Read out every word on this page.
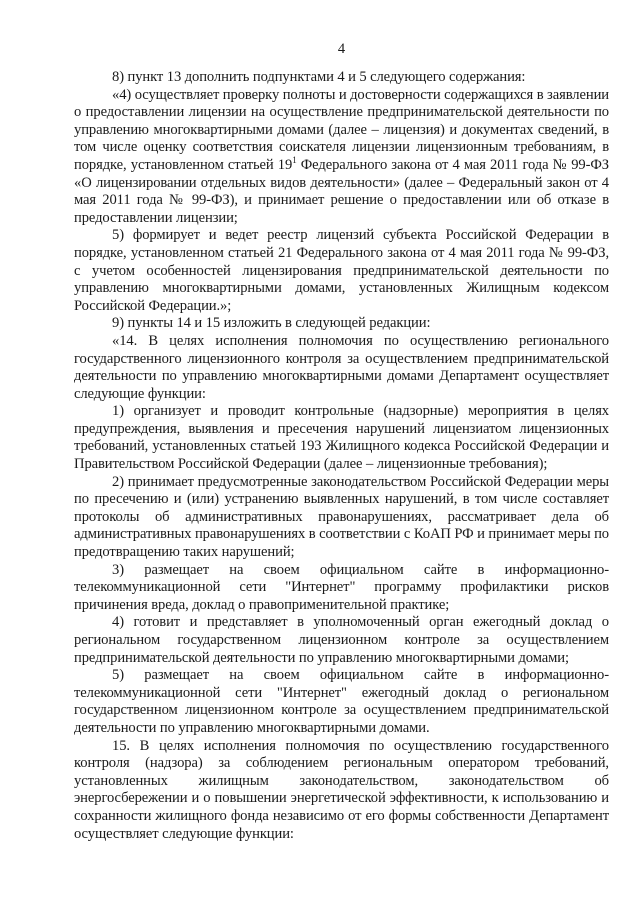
4

8) пункт 13 дополнить подпунктами 4 и 5 следующего содержания:

«4) осуществляет проверку полноты и достоверности содержащихся в заявлении о предоставлении лицензии на осуществление предпринимательской деятельности по управлению многоквартирными домами (далее – лицензия) и документах сведений, в том числе оценку соответствия соискателя лицензии лицензионным требованиям, в порядке, установленном статьей $19^1$ Федерального закона от 4 мая 2011 года № 99-ФЗ «О лицензировании отдельных видов деятельности» (далее – Федеральный закон от 4 мая 2011 года № 99-ФЗ), и принимает решение о предоставлении или об отказе в предоставлении лицензии;

5) формирует и ведет реестр лицензий субъекта Российской Федерации в порядке, установленном статьей 21 Федерального закона от 4 мая 2011 года № 99-ФЗ, с учетом особенностей лицензирования предпринимательской деятельности по управлению многоквартирными домами, установленных Жилищным кодексом Российской Федерации.»;

9) пункты 14 и 15 изложить в следующей редакции:

«14. В целях исполнения полномочия по осуществлению регионального государственного лицензионного контроля за осуществлением предпринимательской деятельности по управлению многоквартирными домами Департамент осуществляет следующие функции:

1) организует и проводит контрольные (надзорные) мероприятия в целях предупреждения, выявления и пресечения нарушений лицензиатом лицензионных требований, установленных статьей 193 Жилищного кодекса Российской Федерации и Правительством Российской Федерации (далее – лицензионные требования);

2) принимает предусмотренные законодательством Российской Федерации меры по пресечению и (или) устранению выявленных нарушений, в том числе составляет протоколы об административных правонарушениях, рассматривает дела об административных правонарушениях в соответствии с КоАП РФ и принимает меры по предотвращению таких нарушений;

3) размещает на своем официальном сайте в информационно-телекоммуникационной сети "Интернет" программу профилактики рисков причинения вреда, доклад о правоприменительной практике;

4) готовит и представляет в уполномоченный орган ежегодный доклад о региональном государственном лицензионном контроле за осуществлением предпринимательской деятельности по управлению многоквартирными домами;

5) размещает на своем официальном сайте в информационно-телекоммуникационной сети "Интернет" ежегодный доклад о региональном государственном лицензионном контроле за осуществлением предпринимательской деятельности по управлению многоквартирными домами.

15. В целях исполнения полномочия по осуществлению государственного контроля (надзора) за соблюдением региональным оператором требований, установленных жилищным законодательством, законодательством об энергосбережении и о повышении энергетической эффективности, к использованию и сохранности жилищного фонда независимо от его формы собственности Департамент осуществляет следующие функции:
